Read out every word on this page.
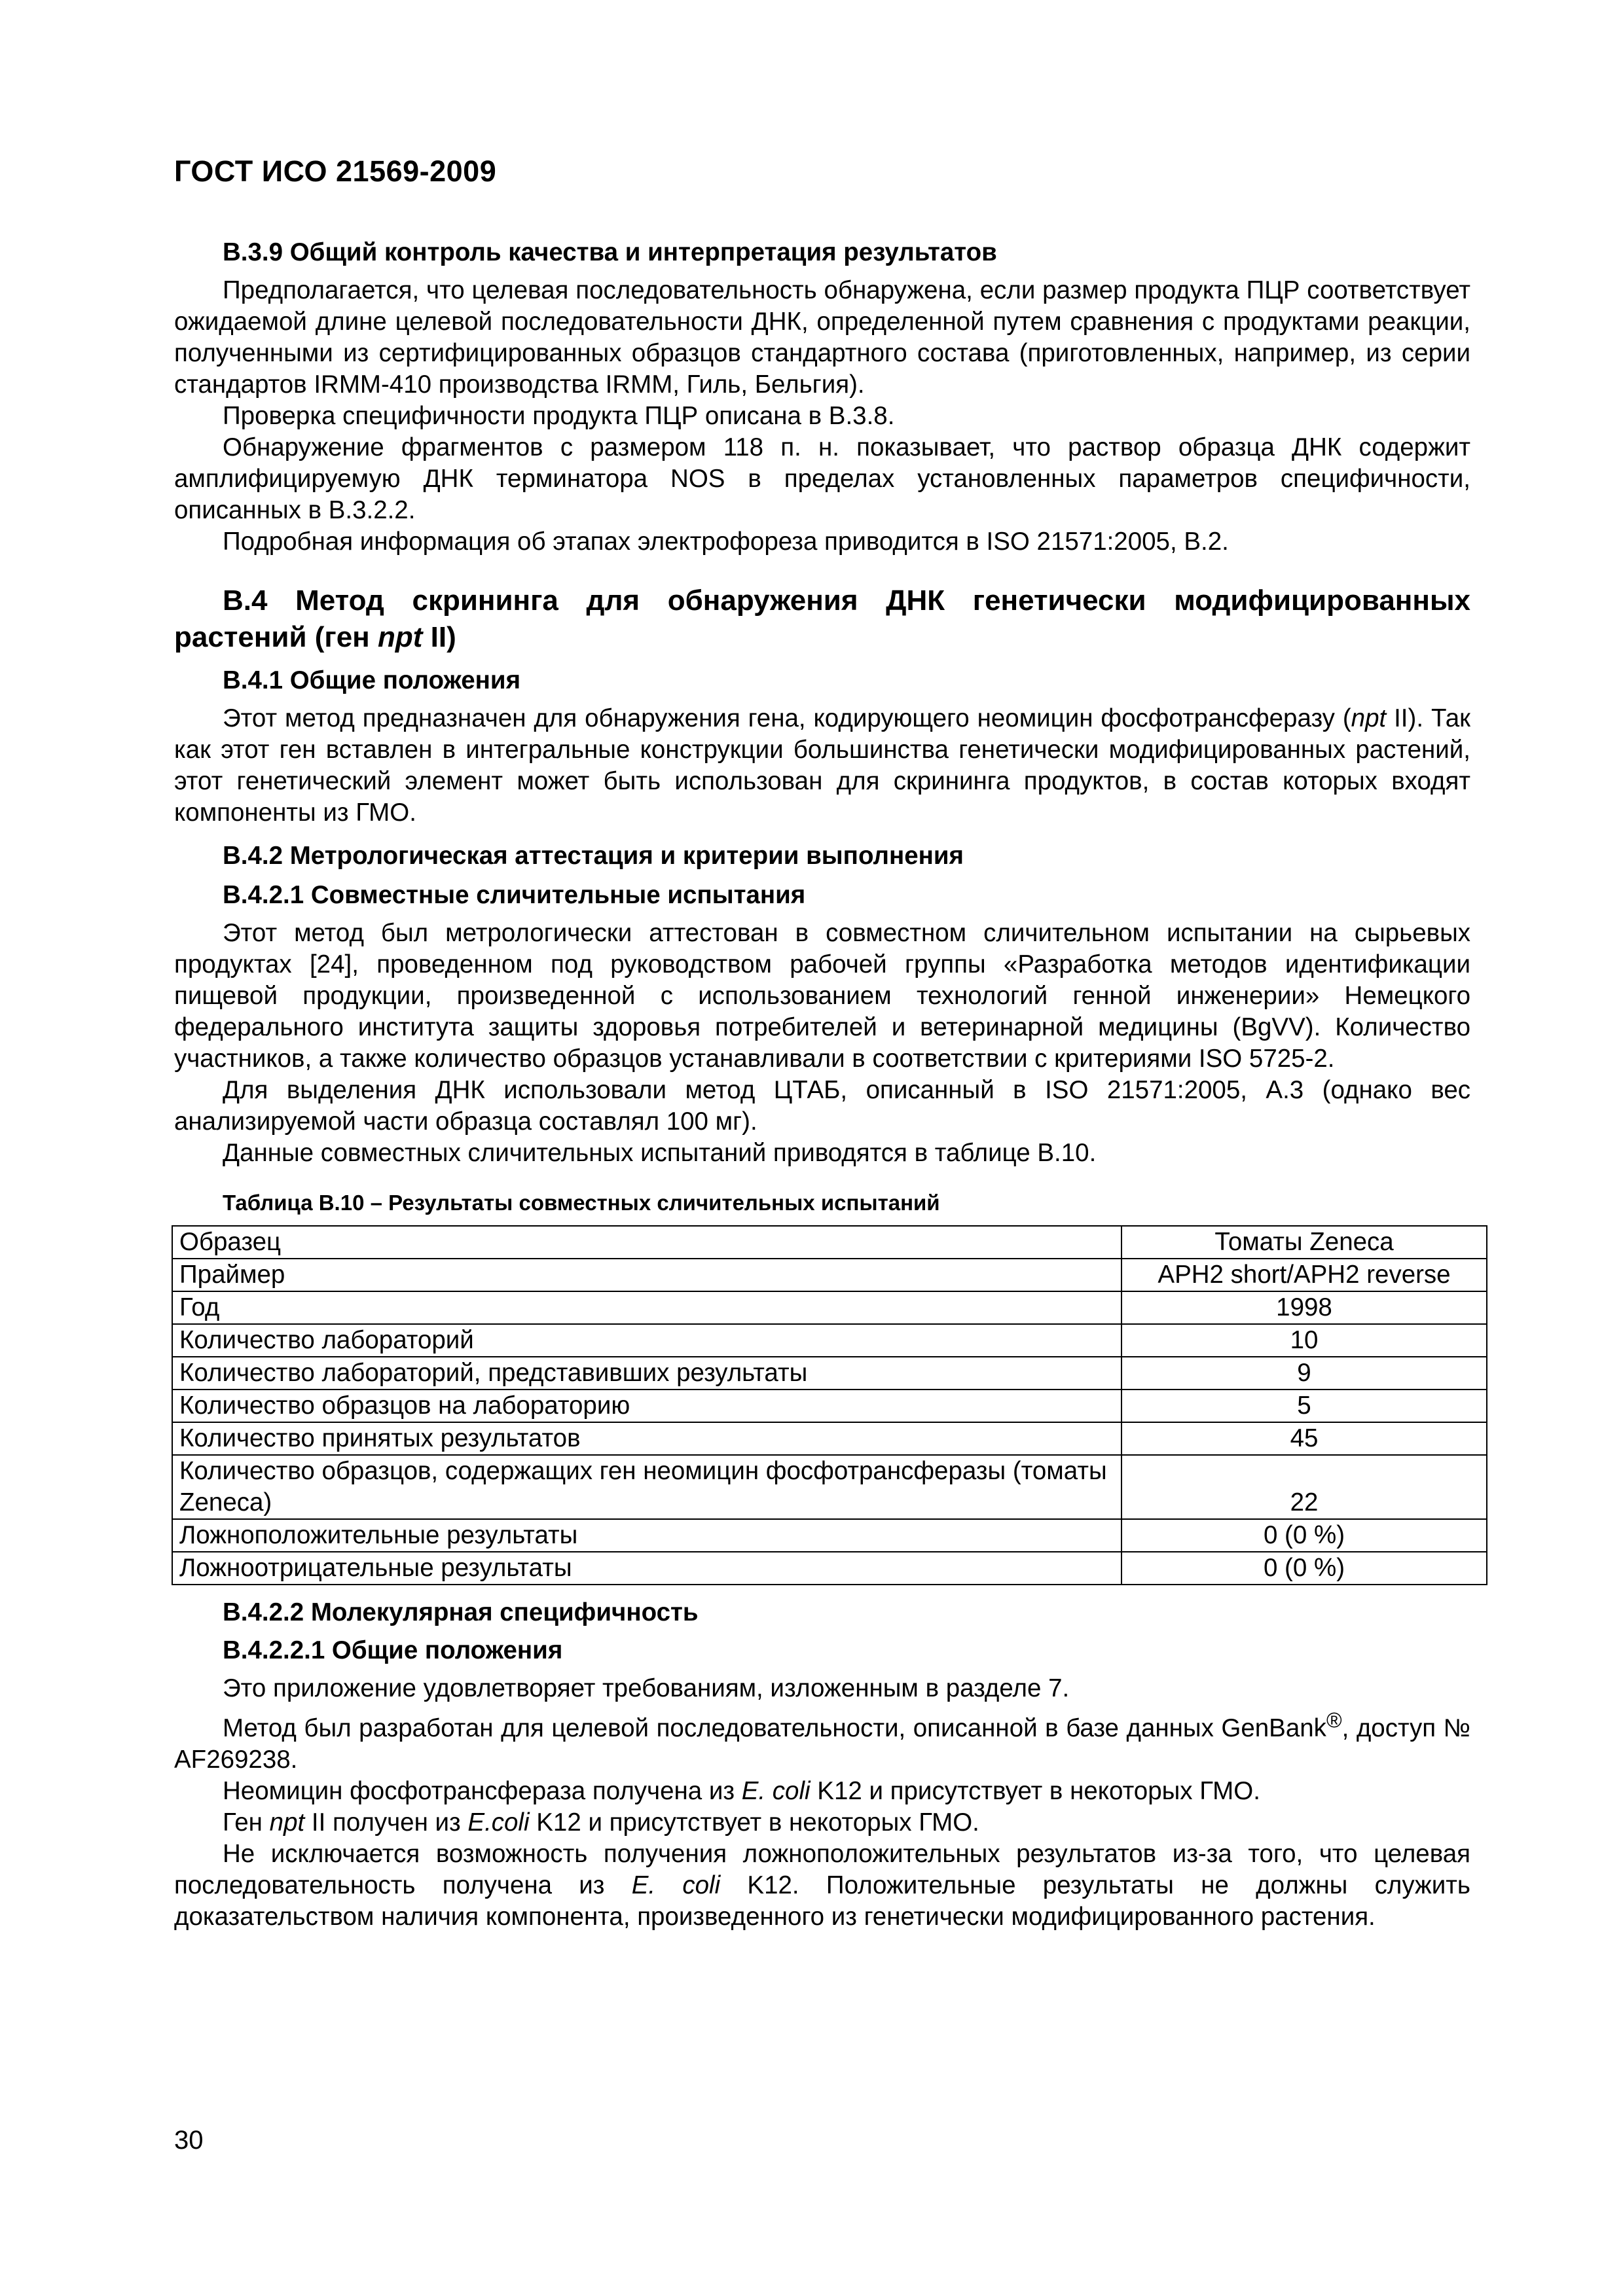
ГОСТ ИСО 21569-2009
В.3.9 Общий контроль качества и интерпретация результатов

Предполагается, что целевая последовательность обнаружена, если размер продукта ПЦР соответствует ожидаемой длине целевой последовательности ДНК, определенной путем сравнения с продуктами реакции, полученными из сертифицированных образцов стандартного состава (приготовленных, например, из серии стандартов IRMM-410 производства IRMM, Гиль, Бельгия).

Проверка специфичности продукта ПЦР описана в В.3.8.

Обнаружение фрагментов с размером 118 п. н. показывает, что раствор образца ДНК содержит амплифицируемую ДНК терминатора NOS в пределах установленных параметров специфичности, описанных в В.3.2.2.

Подробная информация об этапах электрофореза приводится в ISO 21571:2005, В.2.

В.4 Метод скрининга для обнаружения ДНК генетически модифицированных растений (ген npt II)
В.4.1 Общие положения

Этот метод предназначен для обнаружения гена, кодирующего неомицин фосфотрансферазу (npt II). Так как этот ген вставлен в интегральные конструкции большинства генетически модифицированных растений, этот генетический элемент может быть использован для скрининга продуктов, в состав которых входят компоненты из ГМО.

В.4.2 Метрологическая аттестация и критерии выполнения
В.4.2.1 Совместные сличительные испытания

Этот метод был метрологически аттестован в совместном сличительном испытании на сырьевых продуктах [24], проведенном под руководством рабочей группы «Разработка методов идентификации пищевой продукции, произведенной с использованием технологий генной инженерии» Немецкого федерального института защиты здоровья потребителей и ветеринарной медицины (BgVV). Количество участников, а также количество образцов устанавливали в соответствии с критериями ISO 5725-2.

Для выделения ДНК использовали метод ЦТАБ, описанный в ISO 21571:2005, А.3 (однако вес анализируемой части образца составлял 100 мг).

Данные совместных сличительных испытаний приводятся в таблице В.10.

Таблица В.10 – Результаты совместных сличительных испытаний
Образец	Томаты Zeneca
Праймер	APH2 short/APH2 reverse
Год	1998
Количество лабораторий	10
Количество лабораторий, представивших результаты	9
Количество образцов на лабораторию	5
Количество принятых результатов	45
Количество образцов, содержащих ген неомицин фосфотрансферазы (томаты Zeneca)	22
Ложноположительные результаты	0 (0 %)
Ложноотрицательные результаты	0 (0 %)
В.4.2.2 Молекулярная специфичность
В.4.2.2.1 Общие положения

Это приложение удовлетворяет требованиям, изложенным в разделе 7.

Метод был разработан для целевой последовательности, описанной в базе данных GenBank®, доступ № AF269238.

Неомицин фосфотрансфераза получена из E. coli K12 и присутствует в некоторых ГМО.

Ген npt II получен из E.coli K12 и присутствует в некоторых ГМО.

Не исключается возможность получения ложноположительных результатов из-за того, что целевая последовательность получена из E. coli K12. Положительные результаты не должны служить доказательством наличия компонента, произведенного из генетически модифицированного растения.

30
